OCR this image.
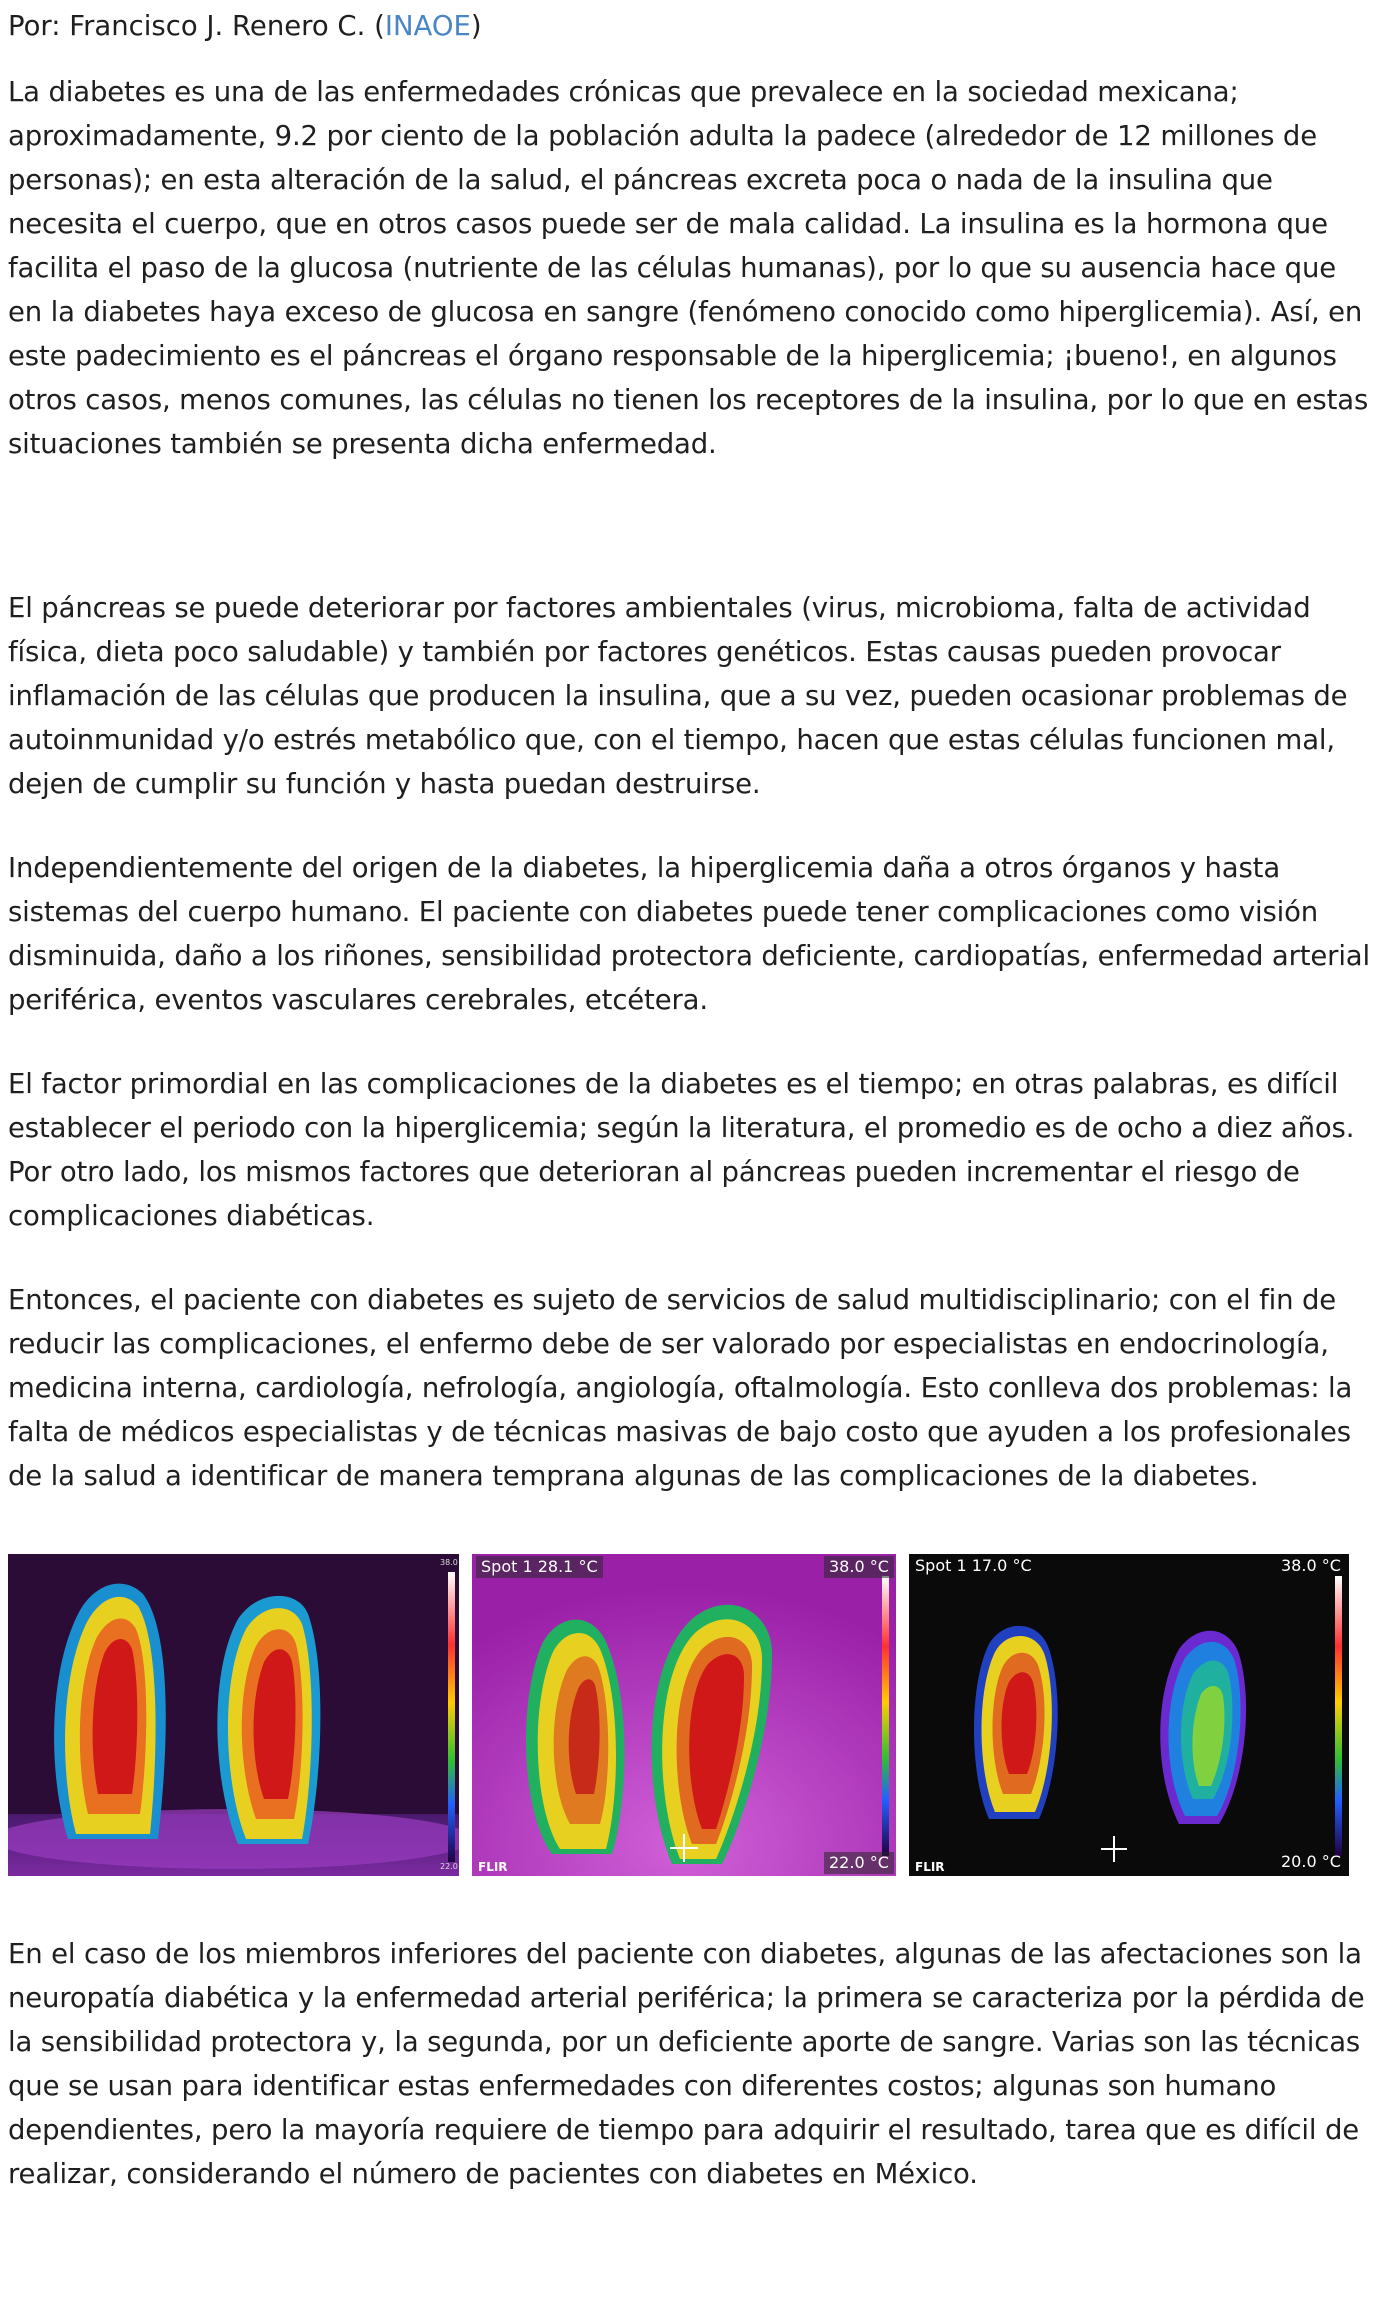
Por: Francisco J. Renero C. (INAOE)

La diabetes es una de las enfermedades crónicas que prevalece en la sociedad mexicana; aproximadamente, 9.2 por ciento de la población adulta la padece (alrededor de 12 millones de personas); en esta alteración de la salud, el páncreas excreta poca o nada de la insulina que necesita el cuerpo, que en otros casos puede ser de mala calidad. La insulina es la hormona que facilita el paso de la glucosa (nutriente de las células humanas), por lo que su ausencia hace que en la diabetes haya exceso de glucosa en sangre (fenómeno conocido como hiperglicemia). Así, en este padecimiento es el páncreas el órgano responsable de la hiperglicemia; ¡bueno!, en algunos otros casos, menos comunes, las células no tienen los receptores de la insulina, por lo que en estas situaciones también se presenta dicha enfermedad.

El páncreas se puede deteriorar por factores ambientales (virus, microbioma, falta de actividad física, dieta poco saludable) y también por factores genéticos. Estas causas pueden provocar inflamación de las células que producen la insulina, que a su vez, pueden ocasionar problemas de autoinmunidad y/o estrés metabólico que, con el tiempo, hacen que estas células funcionen mal, dejen de cumplir su función y hasta puedan destruirse.

Independientemente del origen de la diabetes, la hiperglicemia daña a otros órganos y hasta sistemas del cuerpo humano. El paciente con diabetes puede tener complicaciones como visión disminuida, daño a los riñones, sensibilidad protectora deficiente, cardiopatías, enfermedad arterial periférica, eventos vasculares cerebrales, etcétera.

El factor primordial en las complicaciones de la diabetes es el tiempo; en otras palabras, es difícil establecer el periodo con la hiperglicemia; según la literatura, el promedio es de ocho a diez años. Por otro lado, los mismos factores que deterioran al páncreas pueden incrementar el riesgo de complicaciones diabéticas.

Entonces, el paciente con diabetes es sujeto de servicios de salud multidisciplinario; con el fin de reducir las complicaciones, el enfermo debe de ser valorado por especialistas en endocrinología, medicina interna, cardiología, nefrología, angiología, oftalmología. Esto conlleva dos problemas: la falta de médicos especialistas y de técnicas masivas de bajo costo que ayuden a los profesionales de la salud a identificar de manera temprana algunas de las complicaciones de la diabetes.

38.0
22.0
Spot 1 28.1 °C	38.0 °C
22.0 °C
FLIR
Spot 1 17.0 °C	38.0 °C
20.0 °C
FLIR

En el caso de los miembros inferiores del paciente con diabetes, algunas de las afectaciones son la neuropatía diabética y la enfermedad arterial periférica; la primera se caracteriza por la pérdida de la sensibilidad protectora y, la segunda, por un deficiente aporte de sangre. Varias son las técnicas que se usan para identificar estas enfermedades con diferentes costos; algunas son humano dependientes, pero la mayoría requiere de tiempo para adquirir el resultado, tarea que es difícil de realizar, considerando el número de pacientes con diabetes en México.
